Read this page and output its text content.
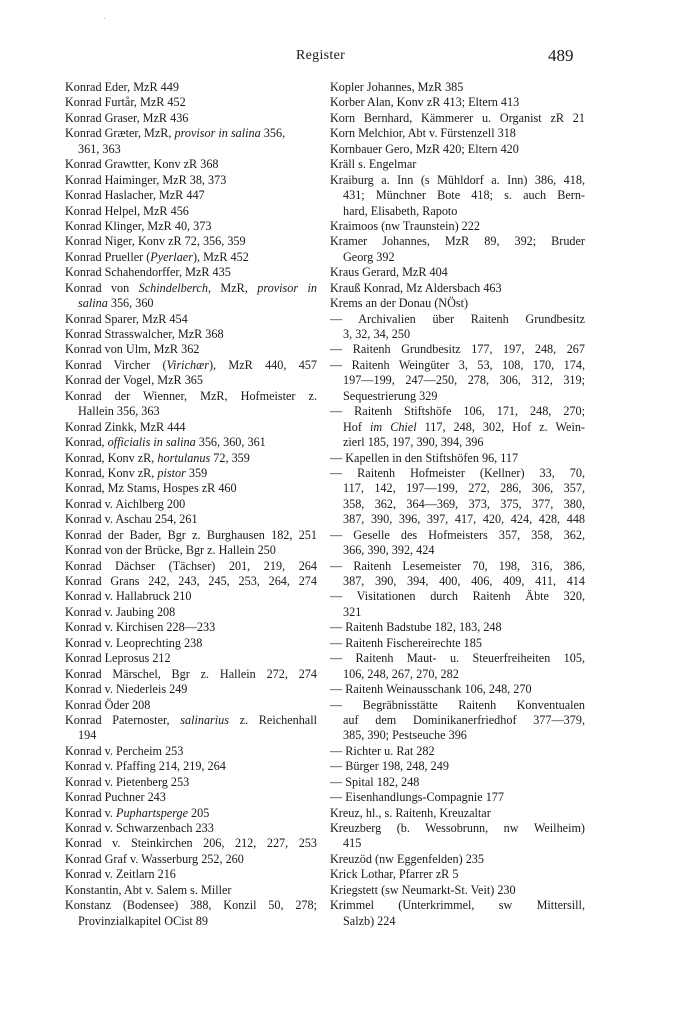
Register	489
Konrad Eder, MzR 449
Konrad Furtår, MzR 452
Konrad Graser, MzR 436
Konrad Græter, MzR, provisor in salina 356,
361, 363
Konrad Grawtter, Konv zR 368
Konrad Haiminger, MzR 38, 373
Konrad Haslacher, MzR 447
Konrad Helpel, MzR 456
Konrad Klinger, MzR 40, 373
Konrad Niger, Konv zR 72, 356, 359
Konrad Prueller (Pyerlaer), MzR 452
Konrad Schahendorffer, MzR 435
Konrad von Schindelberch, MzR, provisor in
salina 356, 360
Konrad Sparer, MzR 454
Konrad Strasswalcher, MzR 368
Konrad von Ulm, MzR 362
Konrad Vircher (Virichær), MzR 440, 457
Konrad der Vogel, MzR 365
Konrad der Wienner, MzR, Hofmeister z.
Hallein 356, 363
Konrad Zinkk, MzR 444
Konrad, officialis in salina 356, 360, 361
Konrad, Konv zR, hortulanus 72, 359
Konrad, Konv zR, pistor 359
Konrad, Mz Stams, Hospes zR 460
Konrad v. Aichlberg 200
Konrad v. Aschau 254, 261
Konrad der Bader, Bgr z. Burghausen 182, 251
Konrad von der Brücke, Bgr z. Hallein 250
Konrad Dächser (Tächser) 201, 219, 264
Konrad Grans 242, 243, 245, 253, 264, 274
Konrad v. Hallabruck 210
Konrad v. Jaubing 208
Konrad v. Kirchisen 228—233
Konrad v. Leoprechting 238
Konrad Leprosus 212
Konrad Märschel, Bgr z. Hallein 272, 274
Konrad v. Niederleis 249
Konrad Öder 208
Konrad Paternoster, salinarius z. Reichenhall
194
Konrad v. Percheim 253
Konrad v. Pfaffing 214, 219, 264
Konrad v. Pietenberg 253
Konrad Puchner 243
Konrad v. Puphartsperge 205
Konrad v. Schwarzenbach 233
Konrad v. Steinkirchen 206, 212, 227, 253
Konrad Graf v. Wasserburg 252, 260
Konrad v. Zeitlarn 216
Konstantin, Abt v. Salem s. Miller
Konstanz (Bodensee) 388, Konzil 50, 278;
Provinzialkapitel OCist 89
Kopler Johannes, MzR 385
Korber Alan, Konv zR 413; Eltern 413
Korn Bernhard, Kämmerer u. Organist zR 21
Korn Melchior, Abt v. Fürstenzell 318
Kornbauer Gero, MzR 420; Eltern 420
Kräll s. Engelmar
Kraiburg a. Inn (s Mühldorf a. Inn) 386, 418,
431; Münchner Bote 418; s. auch Bern-
hard, Elisabeth, Rapoto
Kraimoos (nw Traunstein) 222
Kramer Johannes, MzR 89, 392; Bruder
Georg 392
Kraus Gerard, MzR 404
Krauß Konrad, Mz Aldersbach 463
Krems an der Donau (NÖst)
— Archivalien über Raitenh Grundbesitz
3, 32, 34, 250
— Raitenh Grundbesitz 177, 197, 248, 267
— Raitenh Weingüter 3, 53, 108, 170, 174,
197—199, 247—250, 278, 306, 312, 319;
Sequestrierung 329
— Raitenh Stiftshöfe 106, 171, 248, 270;
Hof im Chiel 117, 248, 302, Hof z. Wein-
zierl 185, 197, 390, 394, 396
— Kapellen in den Stiftshöfen 96, 117
— Raitenh Hofmeister (Kellner) 33, 70,
117, 142, 197—199, 272, 286, 306, 357,
358, 362, 364—369, 373, 375, 377, 380,
387, 390, 396, 397, 417, 420, 424, 428, 448
— Geselle des Hofmeisters 357, 358, 362,
366, 390, 392, 424
— Raitenh Lesemeister 70, 198, 316, 386,
387, 390, 394, 400, 406, 409, 411, 414
— Visitationen durch Raitenh Äbte 320,
321
— Raitenh Badstube 182, 183, 248
— Raitenh Fischereirechte 185
— Raitenh Maut- u. Steuerfreiheiten 105,
106, 248, 267, 270, 282
— Raitenh Weinausschank 106, 248, 270
— Begräbnisstätte Raitenh Konventualen
auf dem Dominikanerfriedhof 377—379,
385, 390; Pestseuche 396
— Richter u. Rat 282
— Bürger 198, 248, 249
— Spital 182, 248
— Eisenhandlungs-Compagnie 177
Kreuz, hl., s. Raitenh, Kreuzaltar
Kreuzberg (b. Wessobrunn, nw Weilheim)
415
Kreuzöd (nw Eggenfelden) 235
Krick Lothar, Pfarrer zR 5
Kriegstett (sw Neumarkt-St. Veit) 230
Krimmel (Unterkrimmel, sw Mittersill,
Salzb) 224
